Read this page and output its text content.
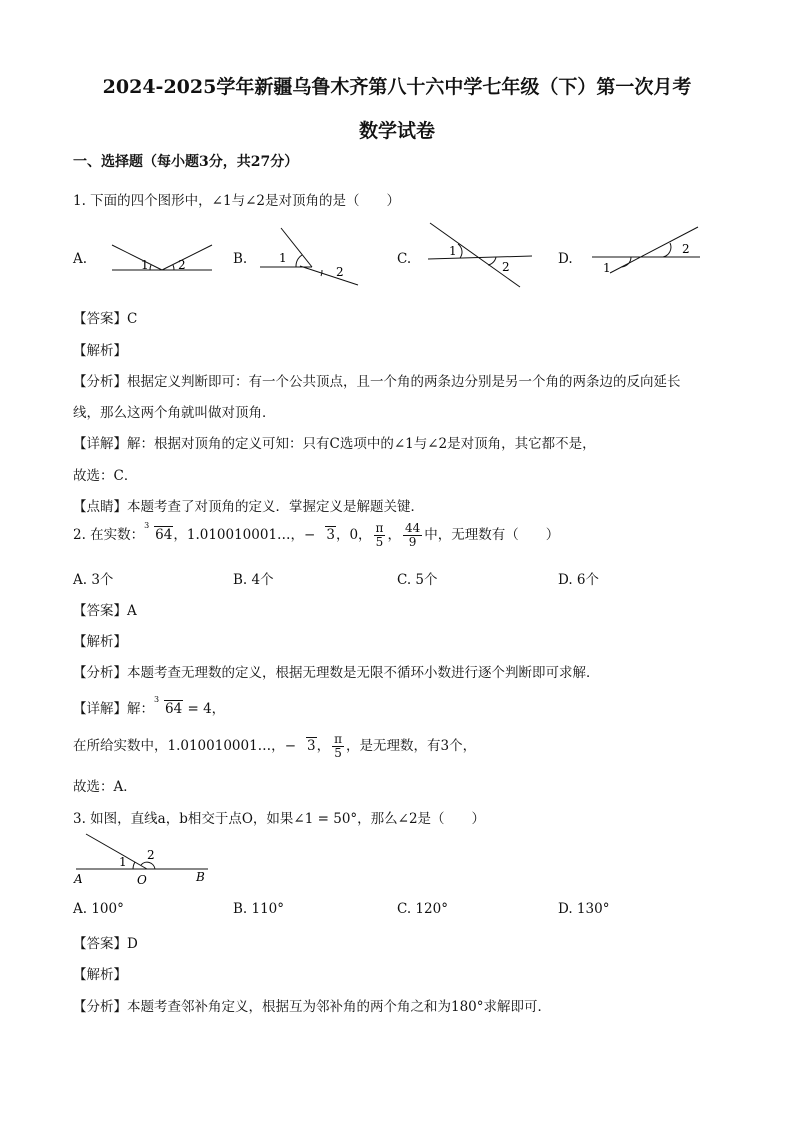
2024-2025学年新疆乌鲁木齐第八十六中学七年级（下）第一次月考
数学试卷
一、选择题（每小题3分，共27分）
1. 下面的四个图形中，∠1与∠2是对顶角的是（　　）
A.	B.	C.	D.
1 2	1
2
1
2	1
2
【答案】C
【解析】
【分析】根据定义判断即可：有一个公共顶点，且一个角的两条边分别是另一个角的两条边的反向延长
线，那么这两个角就叫做对顶角．
【详解】解：根据对顶角的定义可知：只有C选项中的∠1与∠2是对顶角，其它都不是，
故选：C．
【点睛】本题考查了对顶角的定义．掌握定义是解题关键．
2. 在实数：
3
64，1.010010001…，− 3，0， $\frac{\pi}{5}$ ， $\frac{44}{9}$ 中，无理数有（　　）
A. 3个	B. 4个	C. 5个	D. 6个
【答案】A
【解析】
【分析】本题考查无理数的定义，根据无理数是无限不循环小数进行逐个判断即可求解．
【详解】解：
3
64 = 4，
在所给实数中，1.010010001…，− 3， $\frac{\pi}{5}$ ，是无理数，有3个，
故选：A．
3. 如图，直线a，b相交于点O，如果∠1 = 50°，那么∠2是（　　）
1 2
A	O	B
A. 100°	B. 110°	C. 120°	D. 130°
【答案】D
【解析】
【分析】本题考查邻补角定义，根据互为邻补角的两个角之和为180°求解即可．
